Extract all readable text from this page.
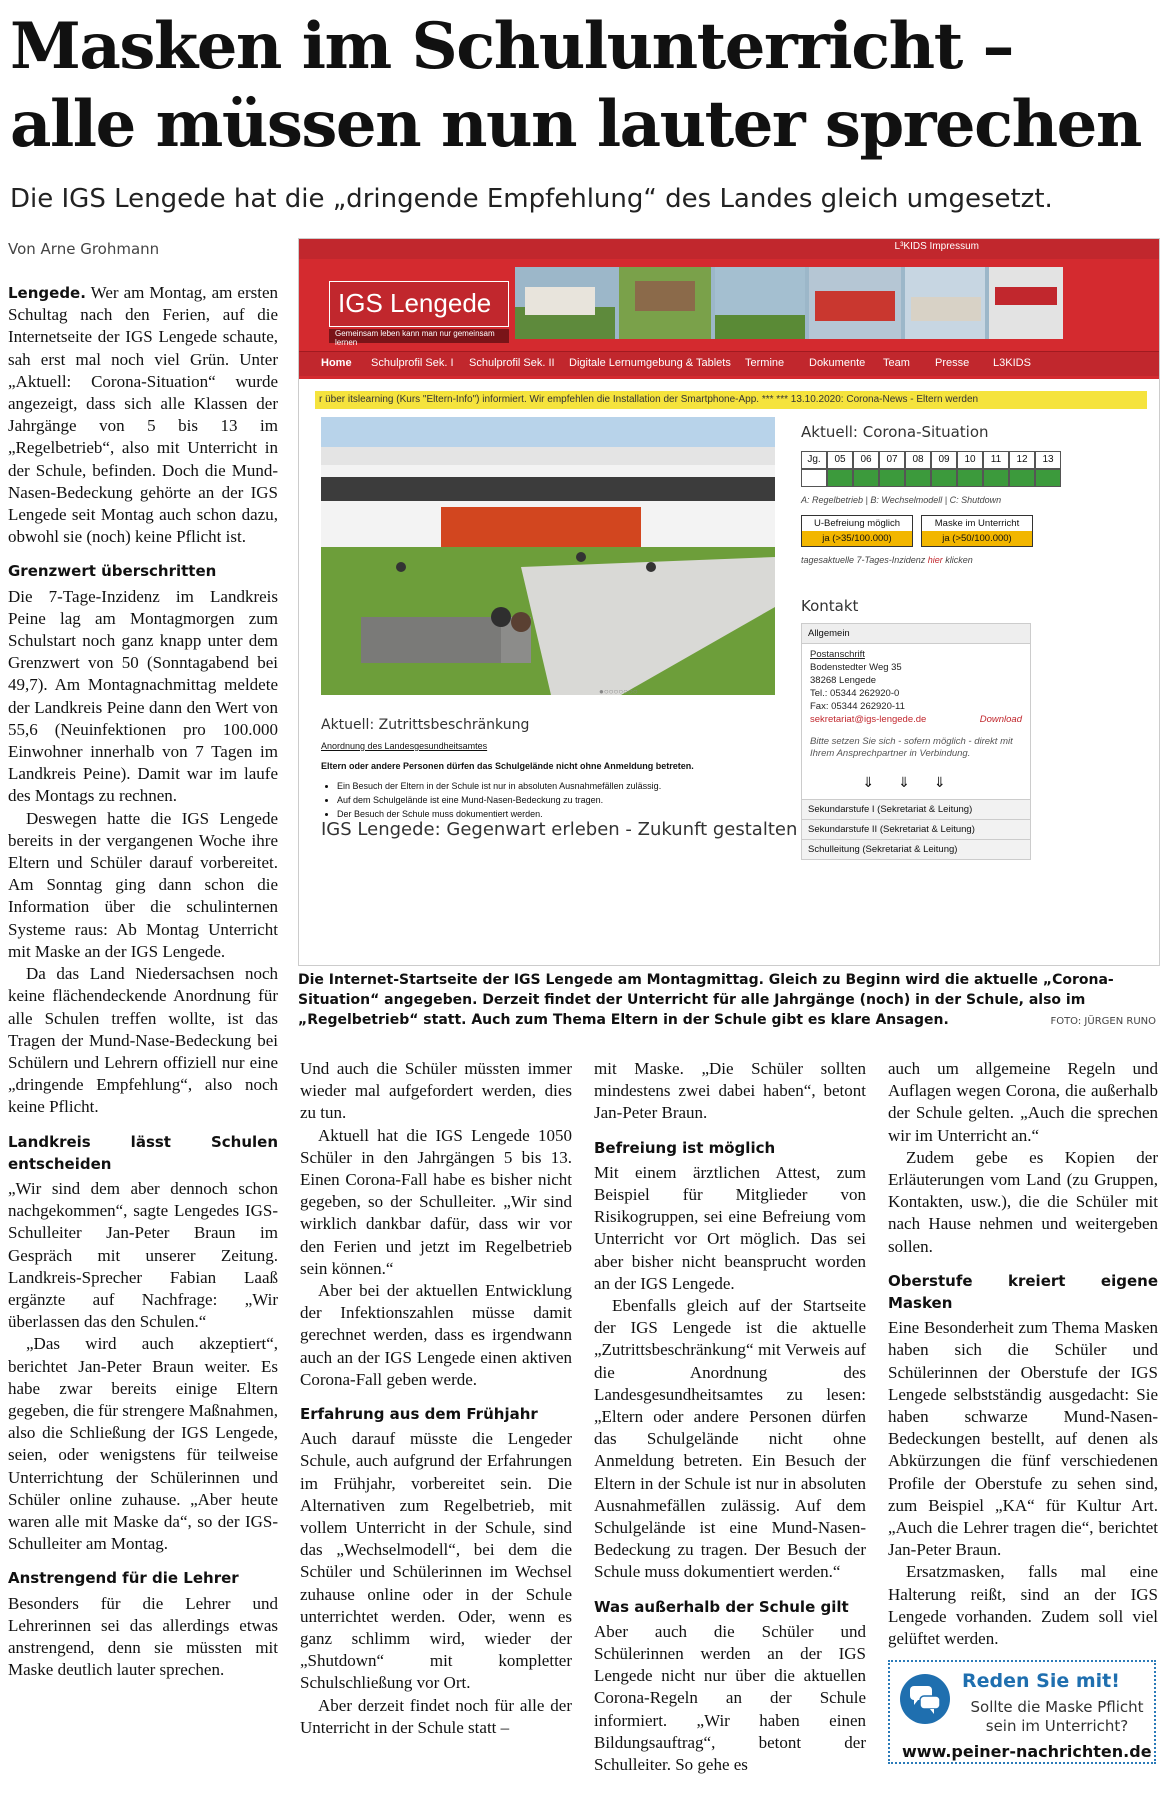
Masken im Schulunterricht –
alle müssen nun lauter sprechen
Die IGS Lengede hat die „dringende Empfehlung“ des Landes gleich umgesetzt.
Von Arne Grohmann

Lengede. Wer am Montag, am ersten Schultag nach den Ferien, auf die Internetseite der IGS Lengede schaute, sah erst mal noch viel Grün. Unter „Aktuell: Corona-Situation“ wurde angezeigt, dass sich alle Klassen der Jahrgänge von 5 bis 13 im „Regelbetrieb“, also mit Unterricht in der Schule, befinden. Doch die Mund-Nasen-Bedeckung gehörte an der IGS Lengede seit Montag auch schon dazu, obwohl sie (noch) keine Pflicht ist.

Grenzwert überschritten

Die 7-Tage-Inzidenz im Landkreis Peine lag am Montagmorgen zum Schulstart noch ganz knapp unter dem Grenzwert von 50 (Sonntagabend bei 49,7). Am Montagnachmittag meldete der Landkreis Peine dann den Wert von 55,6 (Neuinfektionen pro 100.000 Einwohner innerhalb von 7 Tagen im Landkreis Peine). Damit war im laufe des Montags zu rechnen.

Deswegen hatte die IGS Lengede bereits in der vergangenen Woche ihre Eltern und Schüler darauf vorbereitet. Am Sonntag ging dann schon die Information über die schulinternen Systeme raus: Ab Montag Unterricht mit Maske an der IGS Lengede.

Da das Land Niedersachsen noch keine flächendeckende Anordnung für alle Schulen treffen wollte, ist das Tragen der Mund-Nase-Bedeckung bei Schülern und Lehrern offiziell nur eine „dringende Empfehlung“, also noch keine Pflicht.

Landkreis lässt Schulen entscheiden

„Wir sind dem aber dennoch schon nachgekommen“, sagte Lengedes IGS-Schulleiter Jan-Peter Braun im Gespräch mit unserer Zeitung. Landkreis-Sprecher Fabian Laaß ergänzte auf Nachfrage: „Wir überlassen das den Schulen.“

„Das wird auch akzeptiert“, berichtet Jan-Peter Braun weiter. Es habe zwar bereits einige Eltern gegeben, die für strengere Maßnahmen, also die Schließung der IGS Lengede, seien, oder wenigstens für teilweise Unterrichtung der Schülerinnen und Schüler online zuhause. „Aber heute waren alle mit Maske da“, so der IGS-Schulleiter am Montag.

Anstrengend für die Lehrer

Besonders für die Lehrer und Lehrerinnen sei das allerdings etwas anstrengend, denn sie müssten mit Maske deutlich lauter sprechen.

L³KIDS Impressum
IGS Lengede
Gemeinsam leben kann man nur gemeinsam lernen
Home Schulprofil Sek. I Schulprofil Sek. II Digitale Lernumgebung & Tablets Termine Dokumente Team Presse L3KIDS
r über itslearning (Kurs "Eltern-Info") informiert. Wir empfehlen die Installation der Smartphone-App. *** *** 13.10.2020: Corona-News - Eltern werden
●○○○○○○○
Aktuell: Corona-Situation
Jg.	05	06	07	08	09	10	11	12	13
A: Regelbetrieb | B: Wechselmodell | C: Shutdown
U-Befreiung möglich
ja (>35/100.000)
Maske im Unterricht
ja (>50/100.000)
tagesaktuelle 7-Tages-Inzidenz hier klicken
Kontakt
Allgemein
Postanschrift
Bodenstedter Weg 35
38268 Lengede
Tel.: 05344 262920-0
Fax: 05344 262920-11
sekretariat@igs-lengede.de	Download
Bitte setzen Sie sich - sofern möglich - direkt mit Ihrem Ansprechpartner in Verbindung.
⇓⇓⇓
Sekundarstufe I (Sekretariat & Leitung)
Sekundarstufe II (Sekretariat & Leitung)
Schulleitung (Sekretariat & Leitung)
Aktuell: Zutrittsbeschränkung
Anordnung des Landesgesundheitsamtes
Eltern oder andere Personen dürfen das Schulgelände nicht ohne Anmeldung betreten.
• Ein Besuch der Eltern in der Schule ist nur in absoluten Ausnahmefällen zulässig.
• Auf dem Schulgelände ist eine Mund-Nasen-Bedeckung zu tragen.
• Der Besuch der Schule muss dokumentiert werden.
IGS Lengede: Gegenwart erleben - Zukunft gestalten
Die Internet-Startseite der IGS Lengede am Montagmittag. Gleich zu Beginn wird die aktuelle „Corona-Situation“ angegeben. Derzeit findet der Unterricht für alle Jahrgänge (noch) in der Schule, also im „Regelbetrieb“ statt. Auch zum Thema Eltern in der Schule gibt es klare Ansagen.	FOTO: JÜRGEN RUNO

Und auch die Schüler müssten immer wieder mal aufgefordert werden, dies zu tun.

Aktuell hat die IGS Lengede 1050 Schüler in den Jahrgängen 5 bis 13. Einen Corona-Fall habe es bisher nicht gegeben, so der Schulleiter. „Wir sind wirklich dankbar dafür, dass wir vor den Ferien und jetzt im Regelbetrieb sein können.“

Aber bei der aktuellen Entwicklung der Infektionszahlen müsse damit gerechnet werden, dass es irgendwann auch an der IGS Lengede einen aktiven Corona-Fall geben werde.

Erfahrung aus dem Frühjahr

Auch darauf müsste die Lengeder Schule, auch aufgrund der Erfahrungen im Frühjahr, vorbereitet sein. Die Alternativen zum Regelbetrieb, mit vollem Unterricht in der Schule, sind das „Wechselmodell“, bei dem die Schüler und Schülerinnen im Wechsel zuhause online oder in der Schule unterrichtet werden. Oder, wenn es ganz schlimm wird, wieder der „Shutdown“ mit kompletter Schulschließung vor Ort.

Aber derzeit findet noch für alle der Unterricht in der Schule statt –

mit Maske. „Die Schüler sollten mindestens zwei dabei haben“, betont Jan-Peter Braun.

Befreiung ist möglich

Mit einem ärztlichen Attest, zum Beispiel für Mitglieder von Risikogruppen, sei eine Befreiung vom Unterricht vor Ort möglich. Das sei aber bisher nicht beansprucht worden an der IGS Lengede.

Ebenfalls gleich auf der Startseite der IGS Lengede ist die aktuelle „Zutrittsbeschränkung“ mit Verweis auf die Anordnung des Landesgesundheitsamtes zu lesen: „Eltern oder andere Personen dürfen das Schulgelände nicht ohne Anmeldung betreten. Ein Besuch der Eltern in der Schule ist nur in absoluten Ausnahmefällen zulässig. Auf dem Schulgelände ist eine Mund-Nasen-Bedeckung zu tragen. Der Besuch der Schule muss dokumentiert werden.“

Was außerhalb der Schule gilt

Aber auch die Schüler und Schülerinnen werden an der IGS Lengede nicht nur über die aktuellen Corona-Regeln an der Schule informiert. „Wir haben einen Bildungsauftrag“, betont der Schulleiter. So gehe es

auch um allgemeine Regeln und Auflagen wegen Corona, die außerhalb der Schule gelten. „Auch die sprechen wir im Unterricht an.“

Zudem gebe es Kopien der Erläuterungen vom Land (zu Gruppen, Kontakten, usw.), die die Schüler mit nach Hause nehmen und weitergeben sollen.

Oberstufe kreiert eigene Masken

Eine Besonderheit zum Thema Masken haben sich die Schüler und Schülerinnen der Oberstufe der IGS Lengede selbstständig ausgedacht: Sie haben schwarze Mund-Nasen-Bedeckungen bestellt, auf denen als Abkürzungen die fünf verschiedenen Profile der Oberstufe zu sehen sind, zum Beispiel „KA“ für Kultur Art. „Auch die Lehrer tragen die“, berichtet Jan-Peter Braun.

Ersatzmasken, falls mal eine Halterung reißt, sind an der IGS Lengede vorhanden. Zudem soll viel gelüftet werden.

Reden Sie mit!
Sollte die Maske Pflicht sein im Unterricht?
www.peiner-nachrichten.de
